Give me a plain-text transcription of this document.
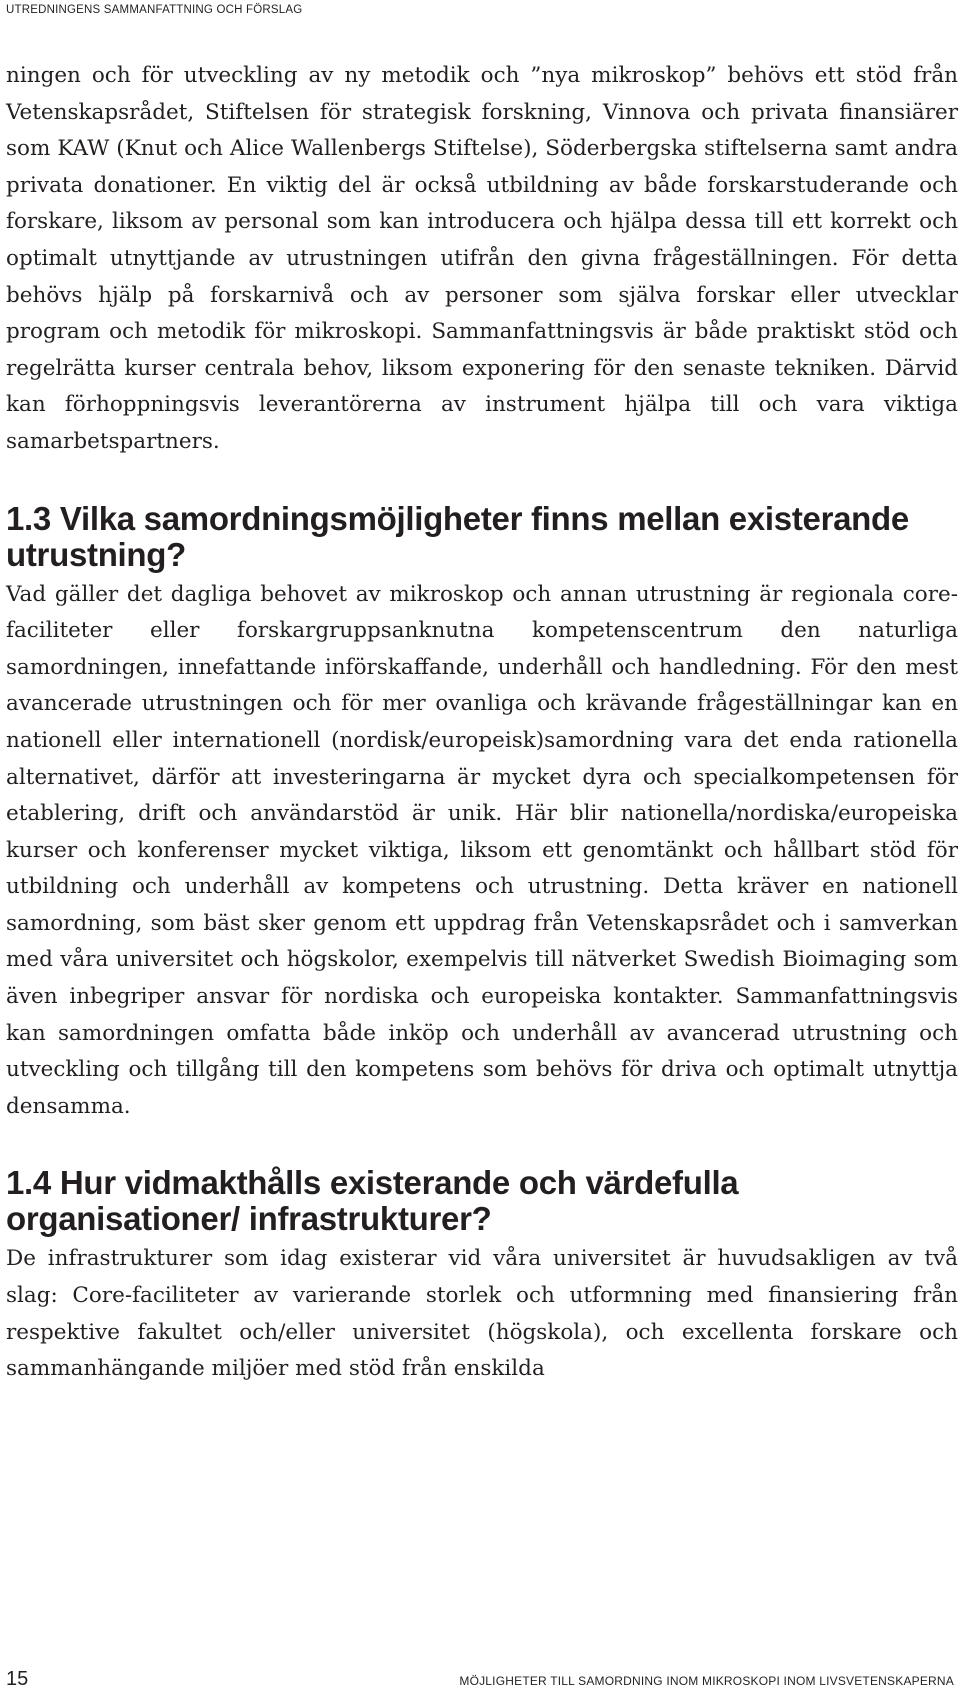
UTREDNINGENS SAMMANFATTNING OCH FÖRSLAG

ningen och för utveckling av ny metodik och ”nya mikroskop” behövs ett stöd från Vetenskapsrådet, Stiftelsen för strategisk forskning, Vinnova och privata finansiärer som KAW (Knut och Alice Wallenbergs Stiftelse), Söderbergska stiftelserna samt andra privata donationer. En viktig del är också utbildning av både forskarstuderande och forskare, liksom av personal som kan introducera och hjälpa dessa till ett korrekt och optimalt utnyttjande av utrustningen utifrån den givna frågeställningen. För detta behövs hjälp på forskarnivå och av personer som själva forskar eller utvecklar program och metodik för mikroskopi. Sammanfattningsvis är både praktiskt stöd och regelrätta kurser centrala behov, liksom exponering för den senaste tekniken. Därvid kan förhoppningsvis leverantörerna av instrument hjälpa till och vara viktiga samarbetspartners.

1.3 Vilka samordningsmöjligheter finns mellan existerande utrustning?

Vad gäller det dagliga behovet av mikroskop och annan utrustning är regionala core-faciliteter eller forskargruppsanknutna kompetenscentrum den naturliga samordningen, innefattande införskaffande, underhåll och handledning. För den mest avancerade utrustningen och för mer ovanliga och krävande frågeställningar kan en nationell eller internationell (nordisk/europeisk)samordning vara det enda rationella alternativet, därför att investeringarna är mycket dyra och specialkompetensen för etablering, drift och användarstöd är unik. Här blir nationella/nordiska/europeiska kurser och konferenser mycket viktiga, liksom ett genomtänkt och hållbart stöd för utbildning och underhåll av kompetens och utrustning. Detta kräver en nationell samordning, som bäst sker genom ett uppdrag från Vetenskapsrådet och i samverkan med våra universitet och högskolor, exempelvis till nätverket Swedish Bioimaging som även inbegriper ansvar för nordiska och europeiska kontakter. Sammanfattningsvis kan samordningen omfatta både inköp och underhåll av avancerad utrustning och utveckling och tillgång till den kompetens som behövs för driva och optimalt utnyttja densamma.

1.4 Hur vidmakthålls existerande och värdefulla organisationer/ infrastrukturer?

De infrastrukturer som idag existerar vid våra universitet är huvudsakligen av två slag: Core-faciliteter av varierande storlek och utformning med finansiering från respektive fakultet och/eller universitet (högskola), och excellenta forskare och sammanhängande miljöer med stöd från enskilda

15	MÖJLIGHETER TILL SAMORDNING INOM MIKROSKOPI INOM LIVSVETENSKAPERNA
